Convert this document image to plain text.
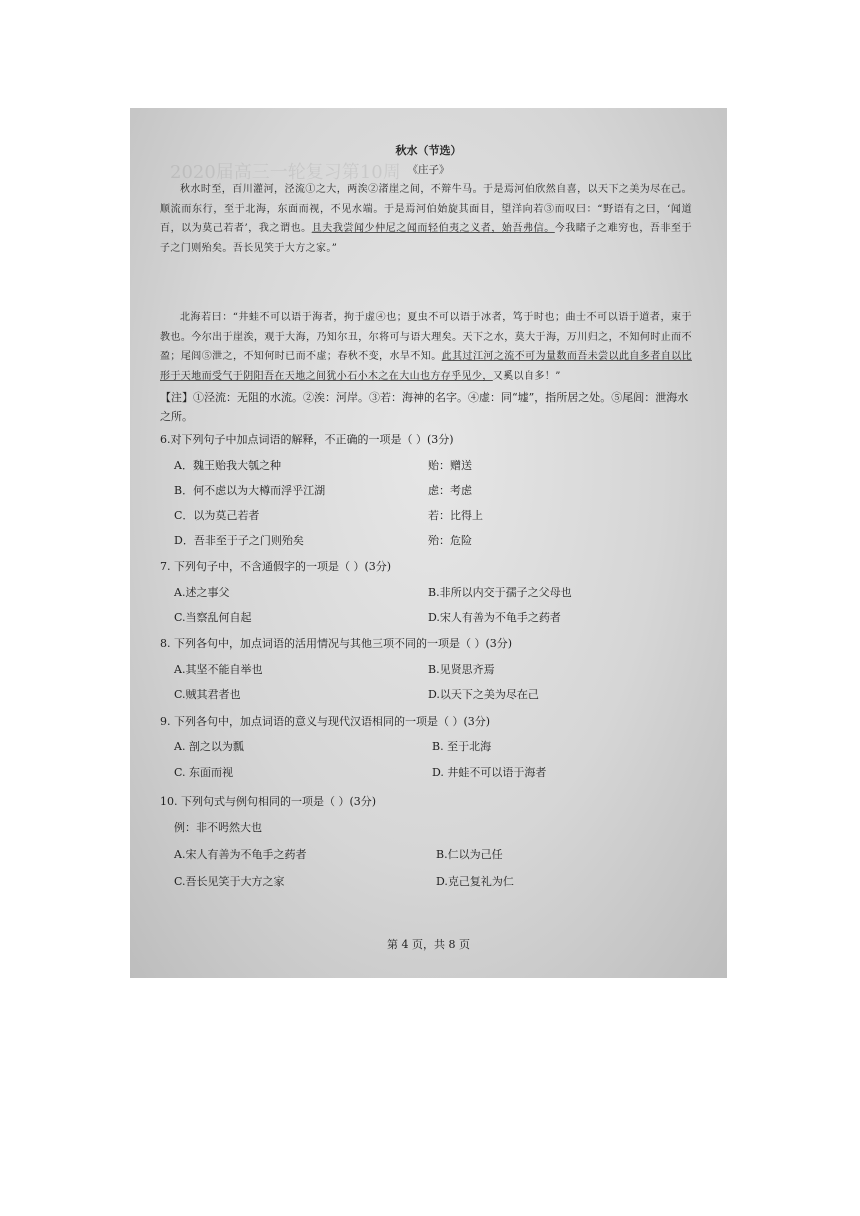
2020届高三一轮复习第10周
秋水（节选）
《庄子》

秋水时至，百川灌河，泾流①之大，两涘②渚崖之间，不辩牛马。于是焉河伯欣然自喜，以天下之美为尽在己。顺流而东行，至于北海，东面而视，不见水端。于是焉河伯始旋其面目，望洋向若③而叹曰：“野语有之曰，‘闻道百，以为莫己若者’，我之谓也。且夫我尝闻少仲尼之闻而轻伯夷之义者，始吾弗信。今我睹子之难穷也，吾非至于子之门则殆矣。吾长见笑于大方之家。”

北海若曰：“井蛙不可以语于海者，拘于虚④也；夏虫不可以语于冰者，笃于时也；曲士不可以语于道者，束于教也。今尔出于崖涘，观于大海，乃知尔丑，尔将可与语大理矣。天下之水，莫大于海，万川归之，不知何时止而不盈；尾闾⑤泄之，不知何时已而不虚；春秋不变，水旱不知。此其过江河之流不可为量数而吾未尝以此自多者自以比形于天地而受气于阴阳吾在天地之间犹小石小木之在大山也方存乎见少，又奚以自多！”

【注】①泾流：无阻的水流。②涘：河岸。③若：海神的名字。④虚：同“墟”，指所居之处。⑤尾闾：泄海水之所。
6.对下列句子中加点词语的解释，不正确的一项是（ ）(3分)
A．魏王贻我大瓠之种	贻：赠送
B．何不虑以为大樽而浮乎江湖	虑：考虑
C．以为莫己若者	若：比得上
D．吾非至于子之门则殆矣	殆：危险
7. 下列句子中，不含通假字的一项是（ ）(3分)
A.述之事父	B.非所以内交于孺子之父母也
C.当察乱何自起	D.宋人有善为不龟手之药者
8. 下列各句中，加点词语的活用情况与其他三项不同的一项是（ ）(3分)
A.其坚不能自举也	B.见贤思齐焉
C.贼其君者也	D.以天下之美为尽在己
9. 下列各句中，加点词语的意义与现代汉语相同的一项是（ ）(3分)
A. 剖之以为瓢	B. 至于北海
C. 东面而视	D. 井蛙不可以语于海者
10. 下列句式与例句相同的一项是（ ）(3分)
例：非不呺然大也
A.宋人有善为不龟手之药者	B.仁以为己任
C.吾长见笑于大方之家	D.克己复礼为仁
第 4 页，共 8 页
